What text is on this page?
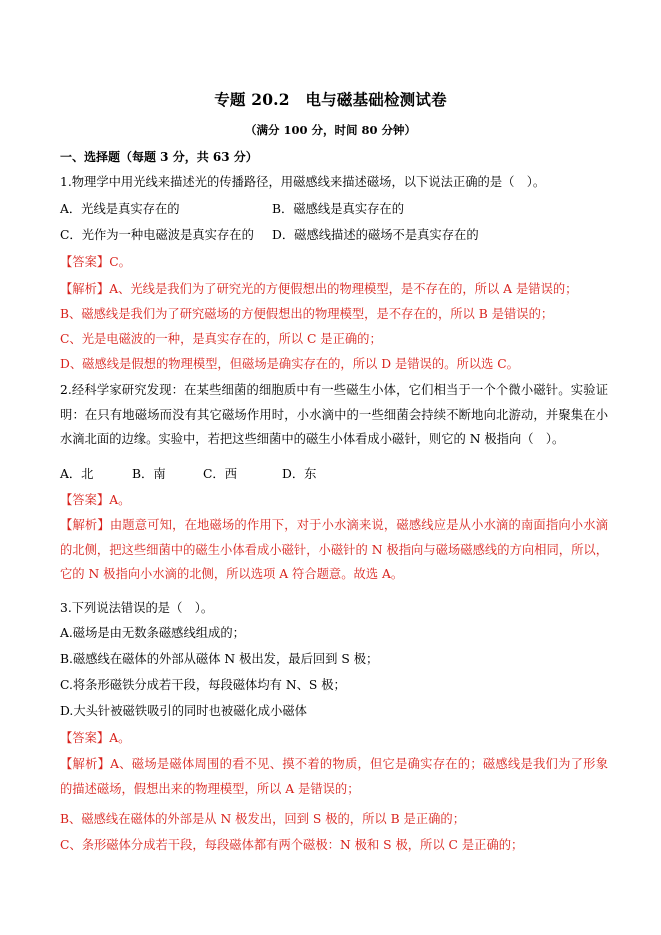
专题 20.2　电与磁基础检测试卷
（满分 100 分，时间 80 分钟）
一、选择题（每题 3 分，共 63 分）
1.物理学中用光线来描述光的传播路径，用磁感线来描述磁场，以下说法正确的是（　）。
A．光线是真实存在的	B．磁感线是真实存在的
C．光作为一种电磁波是真实存在的 D．磁感线描述的磁场不是真实存在的
【答案】C。
【解析】A、光线是我们为了研究光的方便假想出的物理模型，是不存在的，所以 A 是错误的；
B、磁感线是我们为了研究磁场的方便假想出的物理模型，是不存在的，所以 B 是错误的；
C、光是电磁波的一种，是真实存在的，所以 C 是正确的；
D、磁感线是假想的物理模型，但磁场是确实存在的，所以 D 是错误的。所以选 C。
2.经科学家研究发现：在某些细菌的细胞质中有一些磁生小体，它们相当于一个个微小磁针。实验证明：在只有地磁场而没有其它磁场作用时，小水滴中的一些细菌会持续不断地向北游动，并聚集在小水滴北面的边缘。实验中，若把这些细菌中的磁生小体看成小磁针，则它的 N 极指向（　）。
A．北	B．南	C．西	D．东
【答案】A。
【解析】由题意可知，在地磁场的作用下，对于小水滴来说，磁感线应是从小水滴的南面指向小水滴的北侧，把这些细菌中的磁生小体看成小磁针，小磁针的 N 极指向与磁场磁感线的方向相同，所以，它的 N 极指向小水滴的北侧，所以选项 A 符合题意。故选 A。
3.下列说法错误的是（　）。
A.磁场是由无数条磁感线组成的；
B.磁感线在磁体的外部从磁体 N 极出发，最后回到 S 极；
C.将条形磁铁分成若干段，每段磁体均有 N、S 极；
D.大头针被磁铁吸引的同时也被磁化成小磁体
【答案】A。
【解析】A、磁场是磁体周围的看不见、摸不着的物质，但它是确实存在的；磁感线是我们为了形象的描述磁场，假想出来的物理模型，所以 A 是错误的；
B、磁感线在磁体的外部是从 N 极发出，回到 S 极的，所以 B 是正确的；
C、条形磁体分成若干段，每段磁体都有两个磁极：N 极和 S 极，所以 C 是正确的；
